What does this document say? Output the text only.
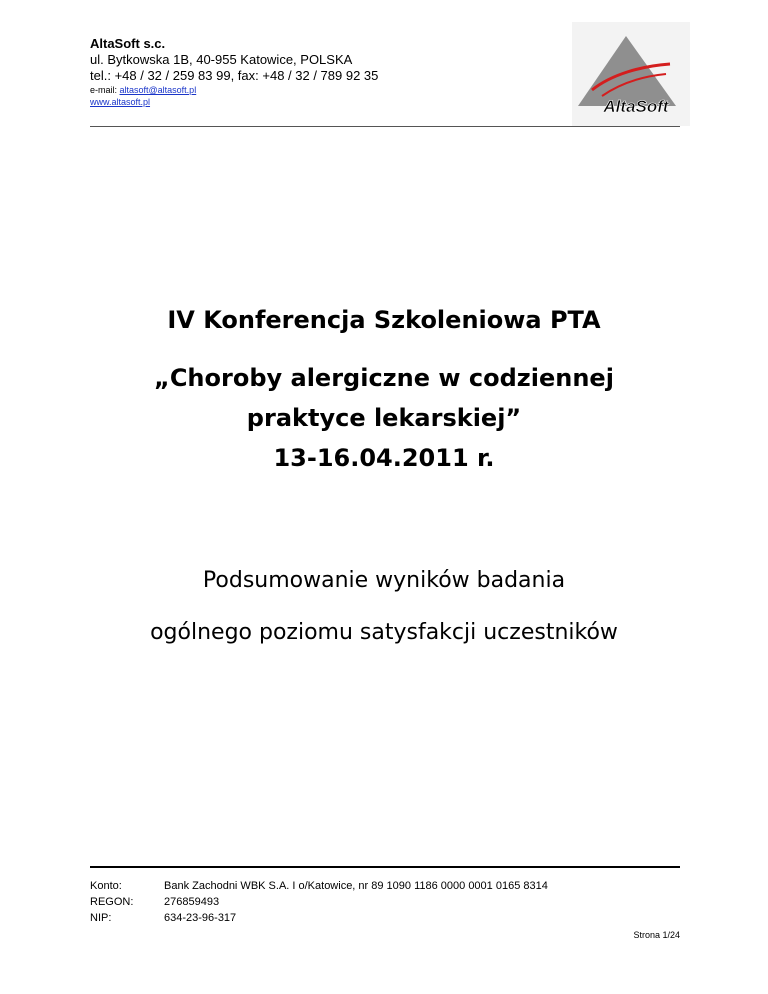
AltaSoft s.c.
ul. Bytkowska 1B, 40-955 Katowice, POLSKA
tel.: +48 / 32 / 259 83 99, fax: +48 / 32 / 789 92 35
e-mail: altasoft@altasoft.pl
www.altasoft.pl	AltaSoft
IV Konferencja Szkoleniowa PTA
„Choroby alergiczne w codziennej
praktyce lekarskiej”
13-16.04.2011 r.
Podsumowanie wyników badania
ogólnego poziomu satysfakcji uczestników
Konto:	Bank Zachodni WBK S.A. I o/Katowice, nr 89 1090 1186 0000 0001 0165 8314
REGON:	276859493
NIP:	634-23-96-317
Strona 1/24
